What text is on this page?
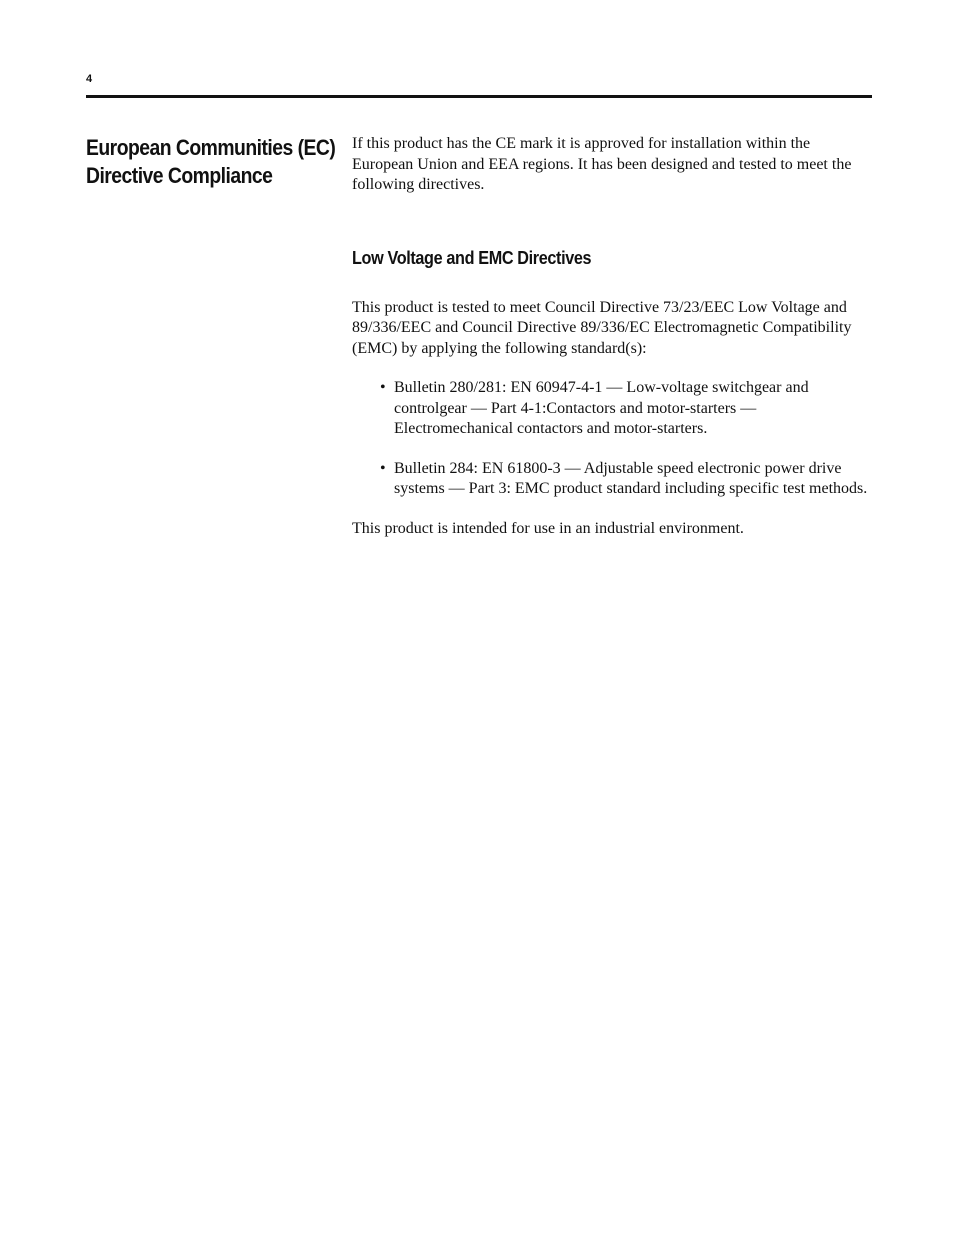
4
European Communities (EC)
Directive Compliance

If this product has the CE mark it is approved for installation within the European Union and EEA regions. It has been designed and tested to meet the following directives.

Low Voltage and EMC Directives

This product is tested to meet Council Directive 73/23/EEC Low Voltage and 89/336/EEC and Council Directive 89/336/EC Electromagnetic Compatibility (EMC) by applying the following standard(s):

• Bulletin 280/281: EN 60947-4-1 — Low-voltage switchgear and controlgear — Part 4-1:Contactors and motor-starters — Electromechanical contactors and motor-starters.
• Bulletin 284: EN 61800-3 — Adjustable speed electronic power drive systems — Part 3: EMC product standard including specific test methods.

This product is intended for use in an industrial environment.
